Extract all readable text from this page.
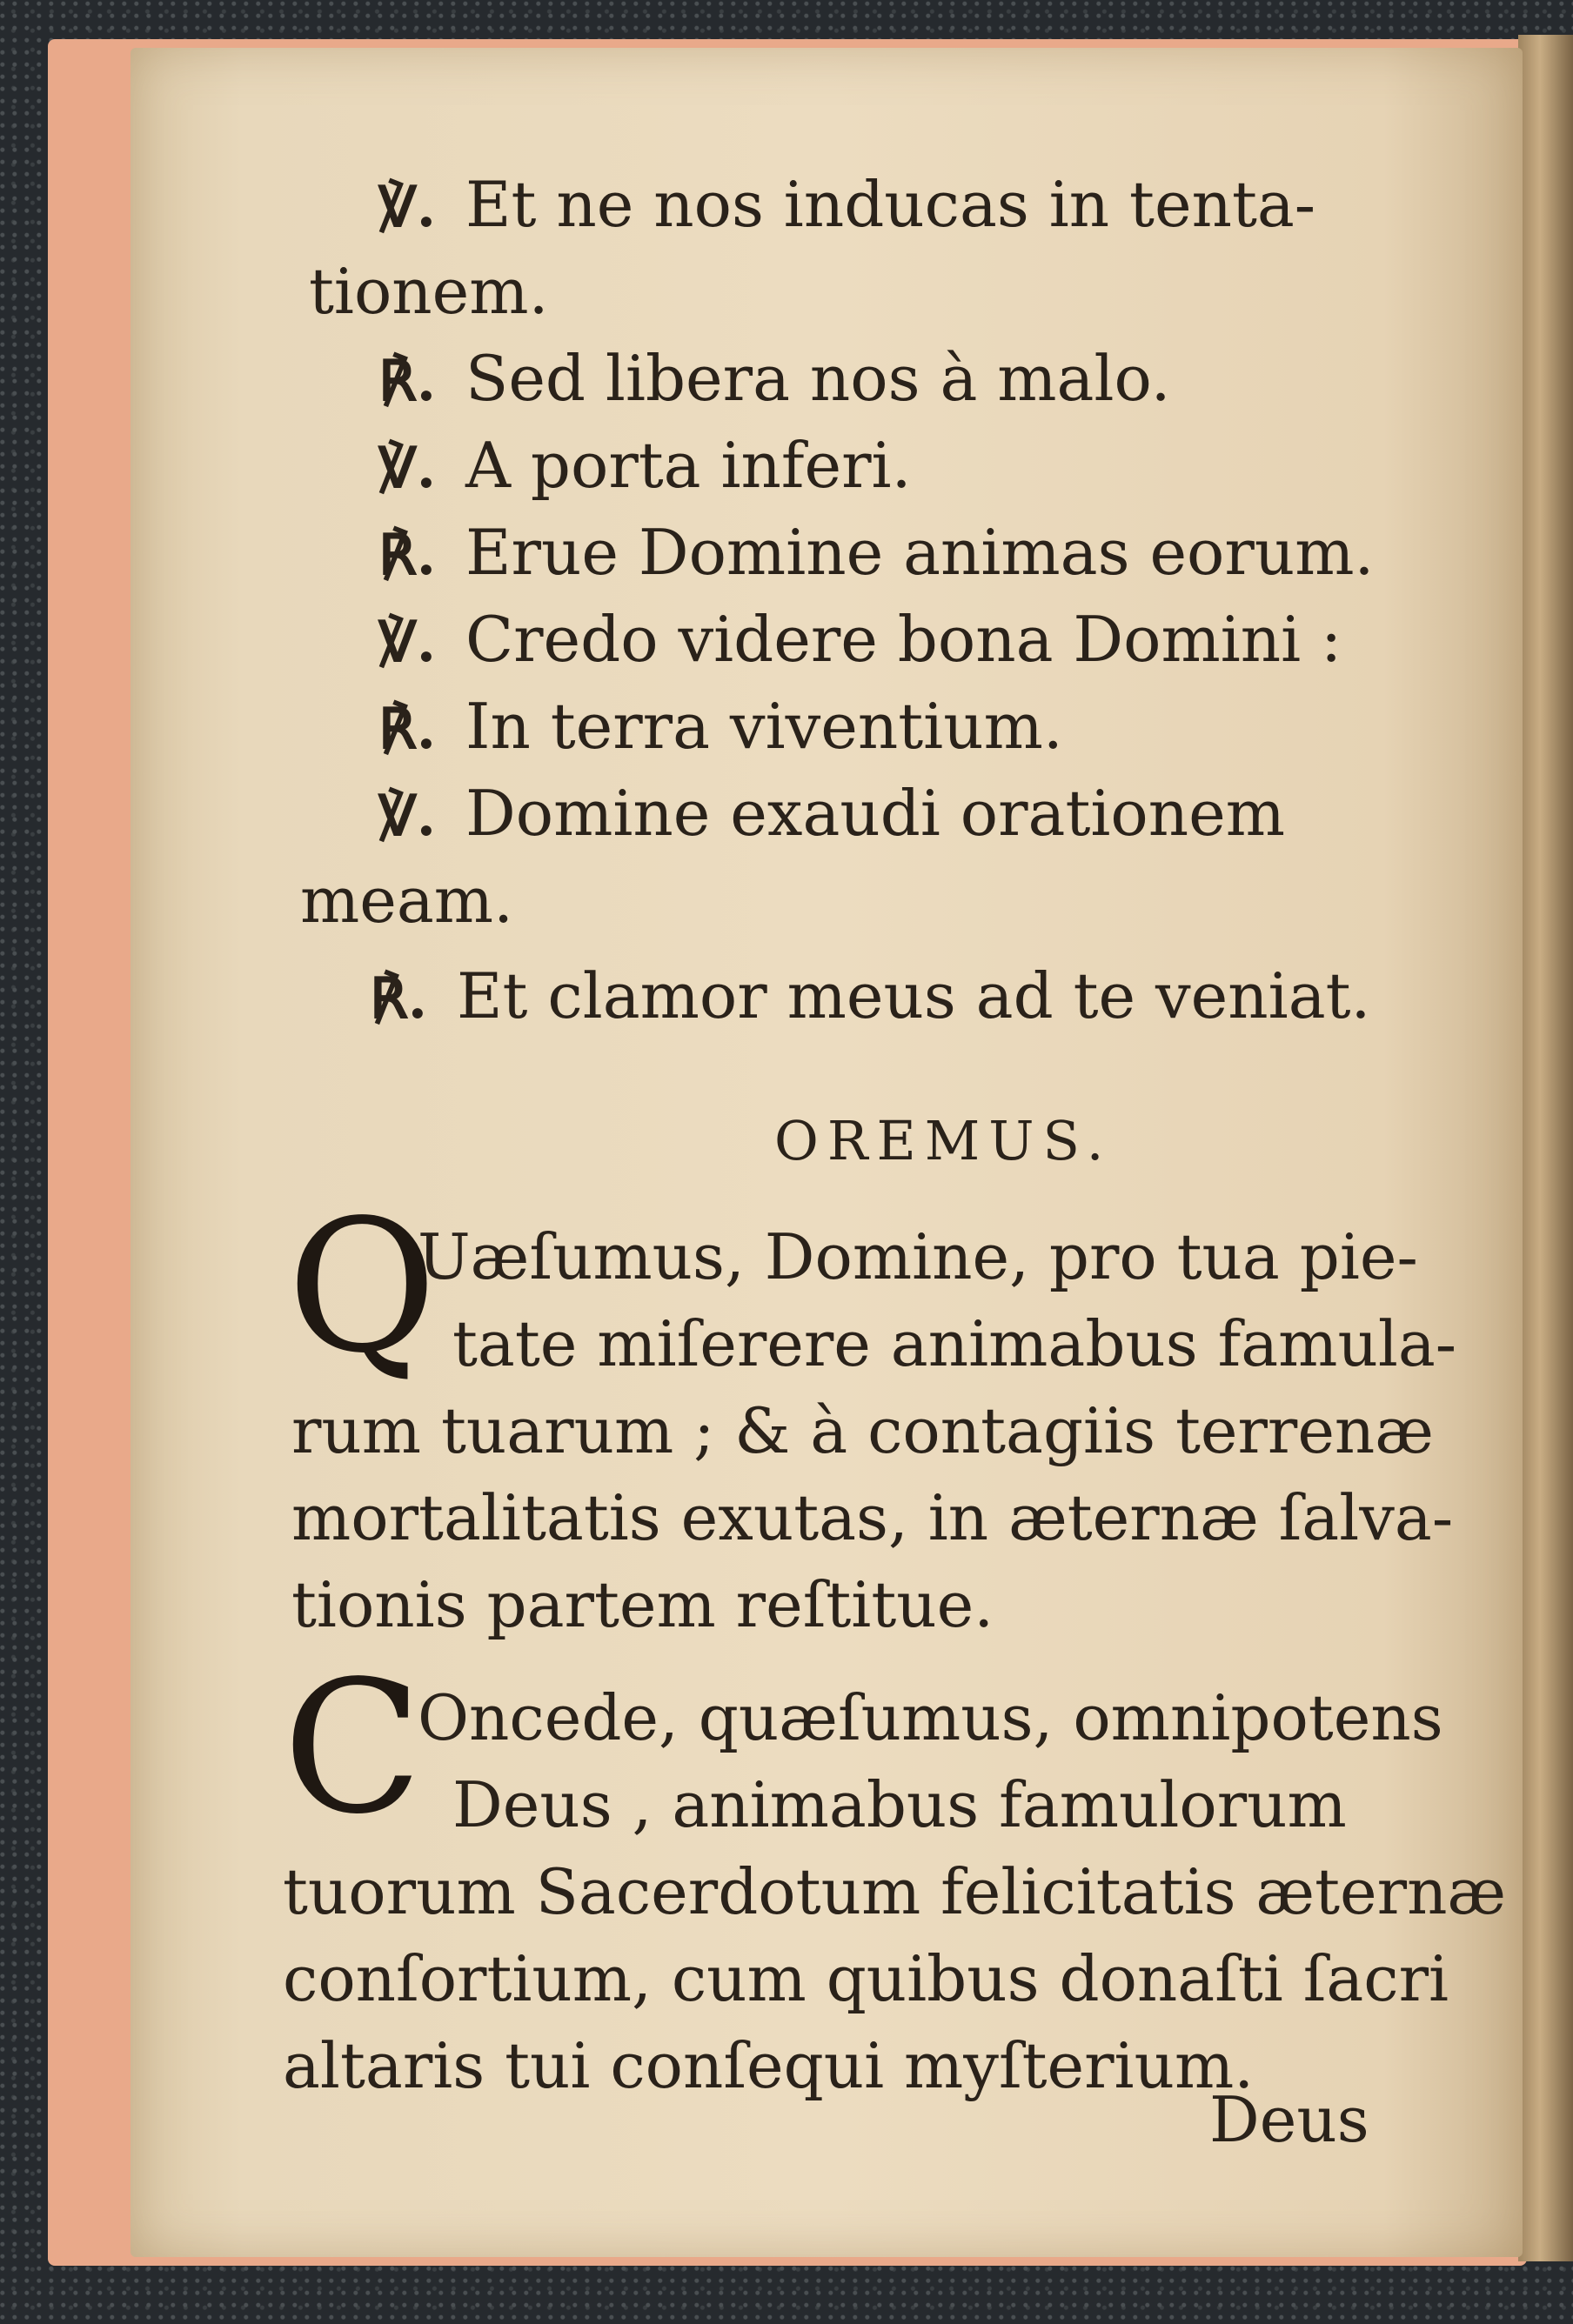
℣. Et ne nos inducas in tenta-
tionem.
℟. Sed libera nos à malo.
℣. A porta inferi.
℟. Erue Domine animas eorum.
℣. Credo videre bona Domini :
℟. In terra viventium.
℣. Domine exaudi orationem
meam.
℟. Et clamor meus ad te veniat.
OREMUS.
Q
Uæſumus, Domine, pro tua pie-
tate miſerere animabus famula-
rum tuarum ; & à contagiis terrenæ
mortalitatis exutas, in æternæ ſalva-
tionis partem reſtitue.
C
Oncede, quæſumus, omnipotens
Deus , animabus famulorum
tuorum Sacerdotum felicitatis æternæ
conſortium, cum quibus donaſti ſacri
altaris tui conſequi myſterium.
Deus
